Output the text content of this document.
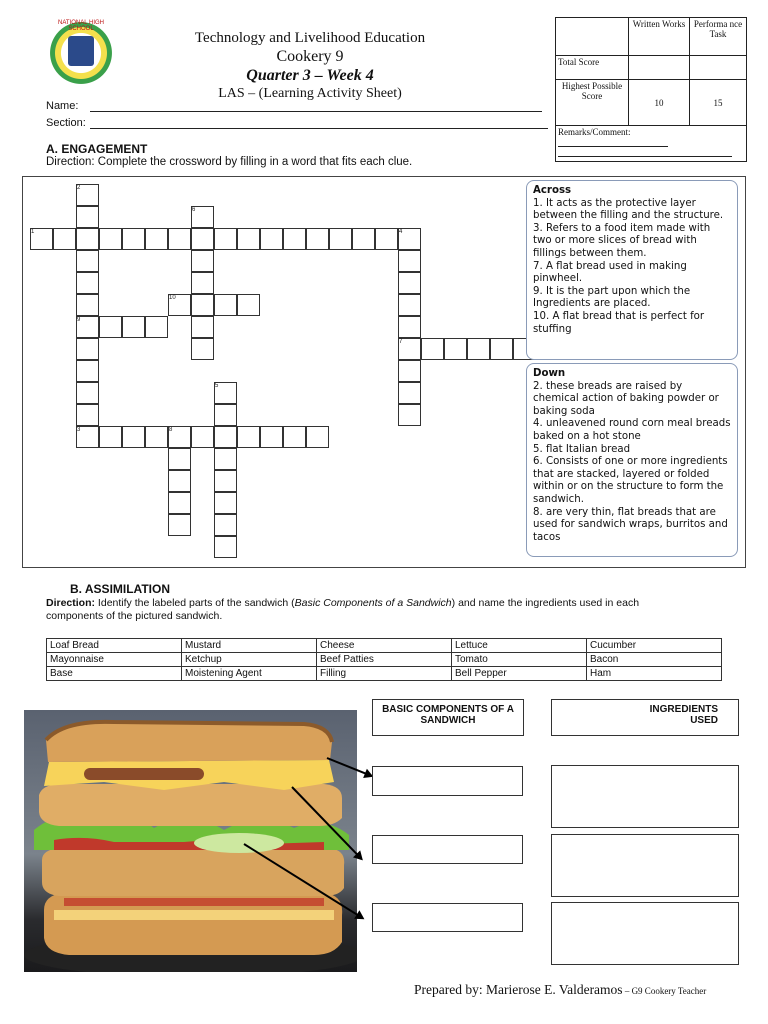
NATIONAL HIGH SCHOOL
Technology and Livelihood Education
Cookery 9
Quarter 3 – Week 4
LAS – (Learning Activity Sheet)
Name:
Section:
	Written Works	Performa nce Task
Total Score		
Highest Possible Score	10	15
Remarks/Comment:		
A. ENGAGEMENT
Direction: Complete the crossword by filling in a word that fits each clue.
1
2
3
4
5
6
7
8
9
10
Across
1. It acts as the protective layer between the filling and the structure.
3. Refers to a food item made with two or more slices of bread with fillings between them.
7. A flat bread used in making pinwheel.
9. It is the part upon which the Ingredients are placed.
10. A flat bread that is perfect for stuffing
Down
2. these breads are raised by chemical action of baking powder or baking soda
4. unleavened round corn meal breads baked on a hot stone
5. flat Italian bread
6. Consists of one or more ingredients that are stacked, layered or folded within or on the structure to form the sandwich.
8. are very thin, flat breads that are used for sandwich wraps, burritos and tacos
B. ASSIMILATION
Direction: Identify the labeled parts of the sandwich (Basic Components of a Sandwich) and name the ingredients used in each components of the pictured sandwich.
Loaf Bread	Mustard	Cheese	Lettuce	Cucumber
Mayonnaise	Ketchup	Beef Patties	Tomato	Bacon
Base	Moistening Agent	Filling	Bell Pepper	Ham
BASIC COMPONENTS OF A SANDWICH
INGREDIENTS USED
Prepared by: Marierose E. Valderamos – G9 Cookery Teacher
